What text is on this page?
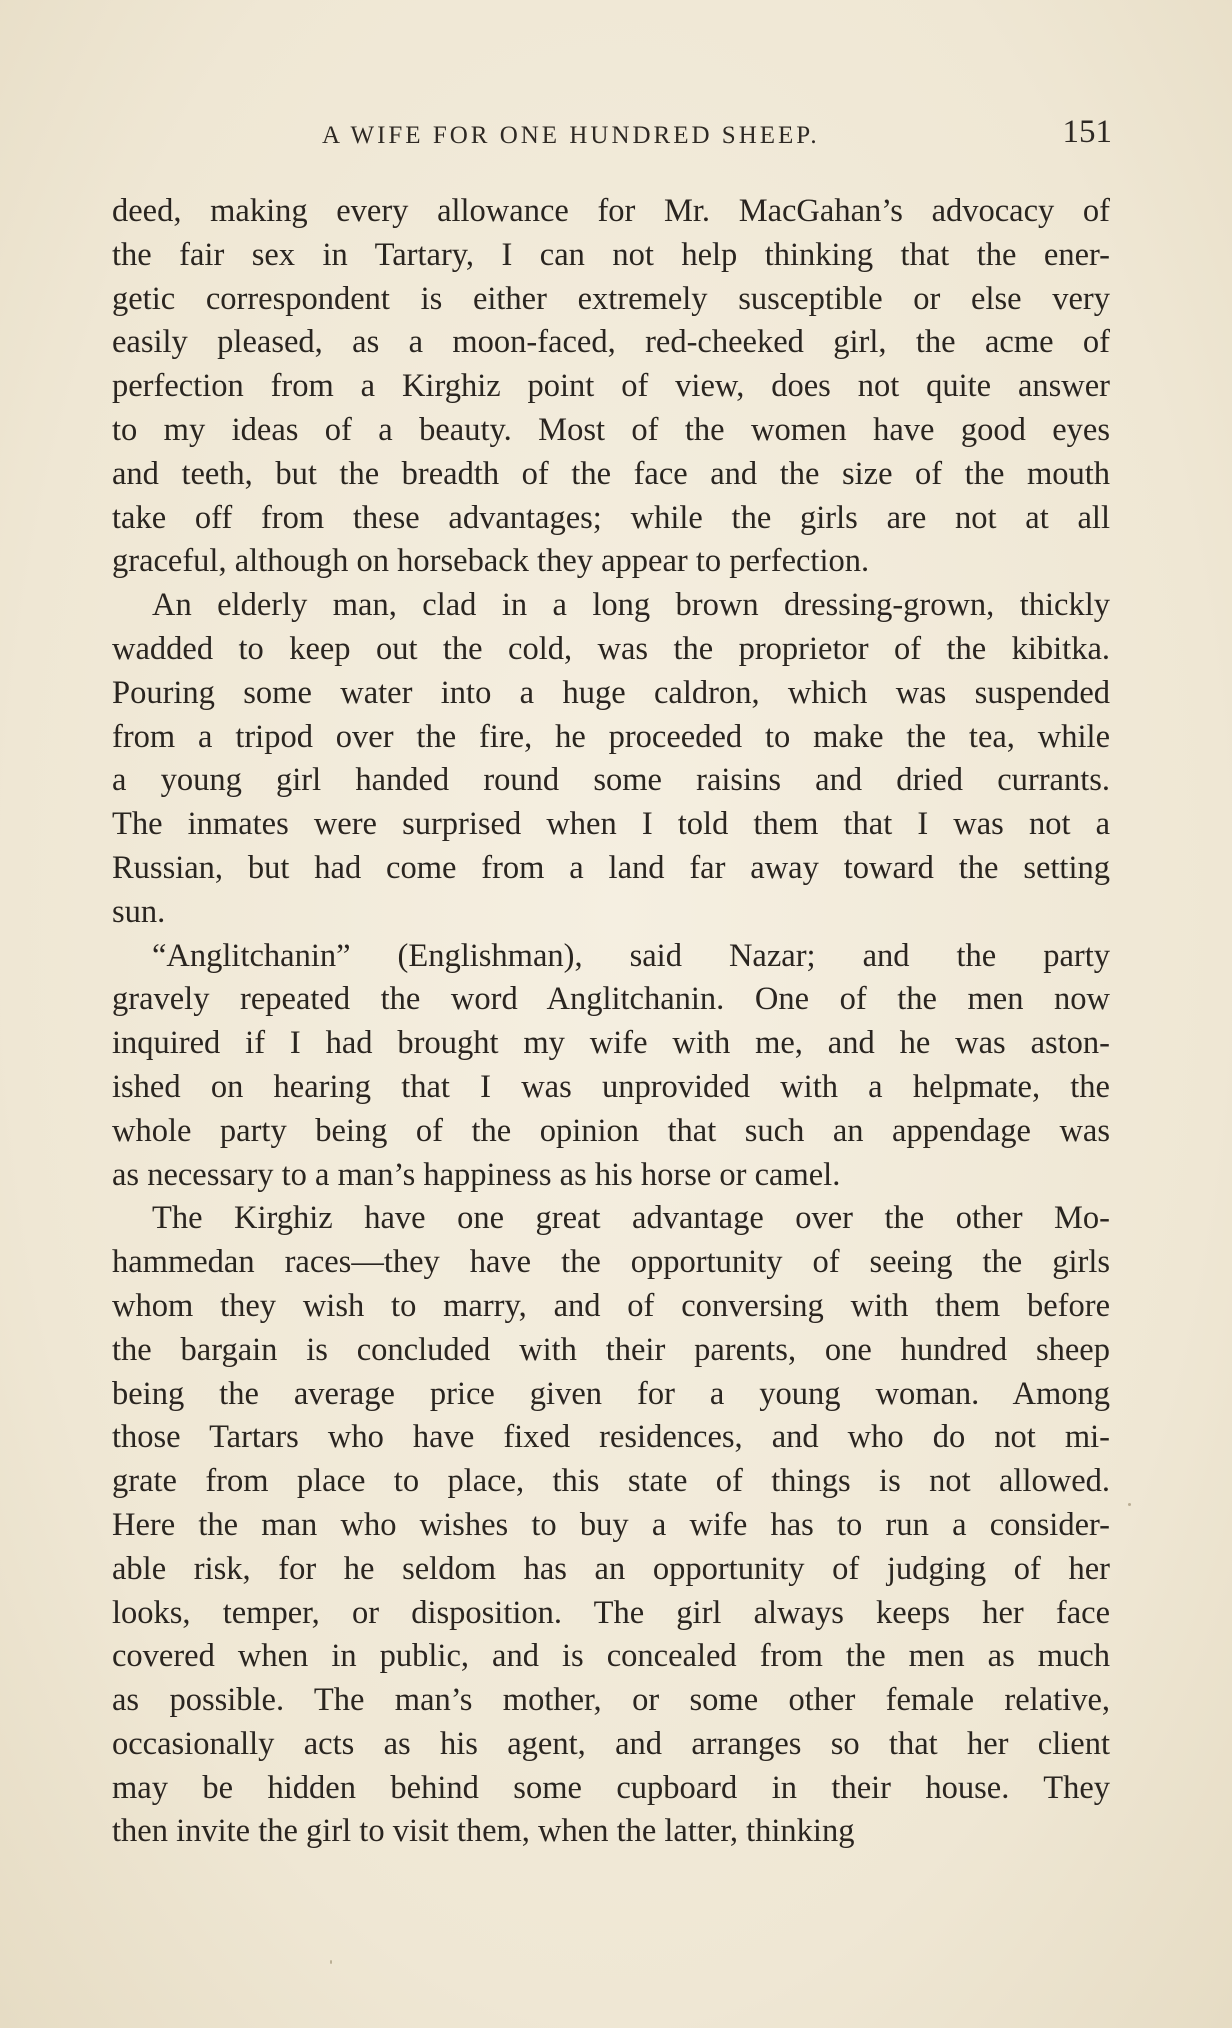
A WIFE FOR ONE HUNDRED SHEEP.	151
deed, making every allowance for Mr. MacGahan’s advocacy of
the fair sex in Tartary, I can not help thinking that the ener-
getic correspondent is either extremely susceptible or else very
easily pleased, as a moon-faced, red-cheeked girl, the acme of
perfection from a Kirghiz point of view, does not quite answer
to my ideas of a beauty. Most of the women have good eyes
and teeth, but the breadth of the face and the size of the mouth
take off from these advantages; while the girls are not at all
graceful, although on horseback they appear to perfection.
An elderly man, clad in a long brown dressing-grown, thickly
wadded to keep out the cold, was the proprietor of the kibitka.
Pouring some water into a huge caldron, which was suspended
from a tripod over the fire, he proceeded to make the tea, while
a young girl handed round some raisins and dried currants.
The inmates were surprised when I told them that I was not a
Russian, but had come from a land far away toward the setting
sun.
“Anglitchanin” (Englishman), said Nazar; and the party
gravely repeated the word Anglitchanin. One of the men now
inquired if I had brought my wife with me, and he was aston-
ished on hearing that I was unprovided with a helpmate, the
whole party being of the opinion that such an appendage was
as necessary to a man’s happiness as his horse or camel.
The Kirghiz have one great advantage over the other Mo-
hammedan races—they have the opportunity of seeing the girls
whom they wish to marry, and of conversing with them before
the bargain is concluded with their parents, one hundred sheep
being the average price given for a young woman. Among
those Tartars who have fixed residences, and who do not mi-
grate from place to place, this state of things is not allowed.
Here the man who wishes to buy a wife has to run a consider-
able risk, for he seldom has an opportunity of judging of her
looks, temper, or disposition. The girl always keeps her face
covered when in public, and is concealed from the men as much
as possible. The man’s mother, or some other female relative,
occasionally acts as his agent, and arranges so that her client
may be hidden behind some cupboard in their house. They
then invite the girl to visit them, when the latter, thinking
